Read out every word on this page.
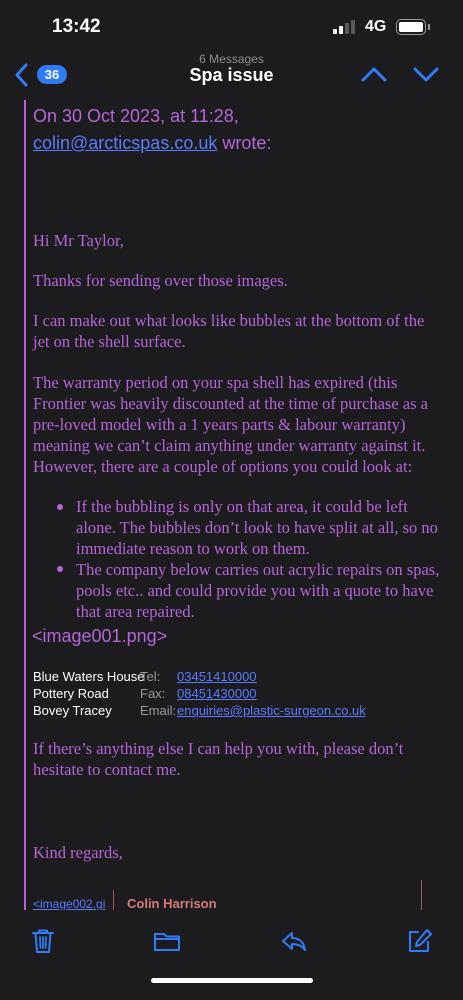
13:42	4G
36
6 Messages
Spa issue
On 30 Oct 2023, at 11:28,
colin@arcticspas.co.uk wrote:
Hi Mr Taylor,
Thanks for sending over those images.
I can make out what looks like bubbles at the bottom of the jet on the shell surface.
The warranty period on your spa shell has expired (this Frontier was heavily discounted at the time of purchase as a pre-loved model with a 1 years parts & labour warranty) meaning we can’t claim anything under warranty against it. However, there are a couple of options you could look at:
If the bubbling is only on that area, it could be left alone. The bubbles don’t look to have split at all, so no immediate reason to work on them.
The company below carries out acrylic repairs on spas, pools etc.. and could provide you with a quote to have that area repaired.
<image001.png>
Blue Waters House
Tel: 03451410000
Pottery Road Fax: 08451430000
Bovey Tracey Email: enquiries@plastic-surgeon.co.uk
If there’s anything else I can help you with, please don’t hesitate to contact me.
Kind regards,
<image002.gi Colin Harrison
